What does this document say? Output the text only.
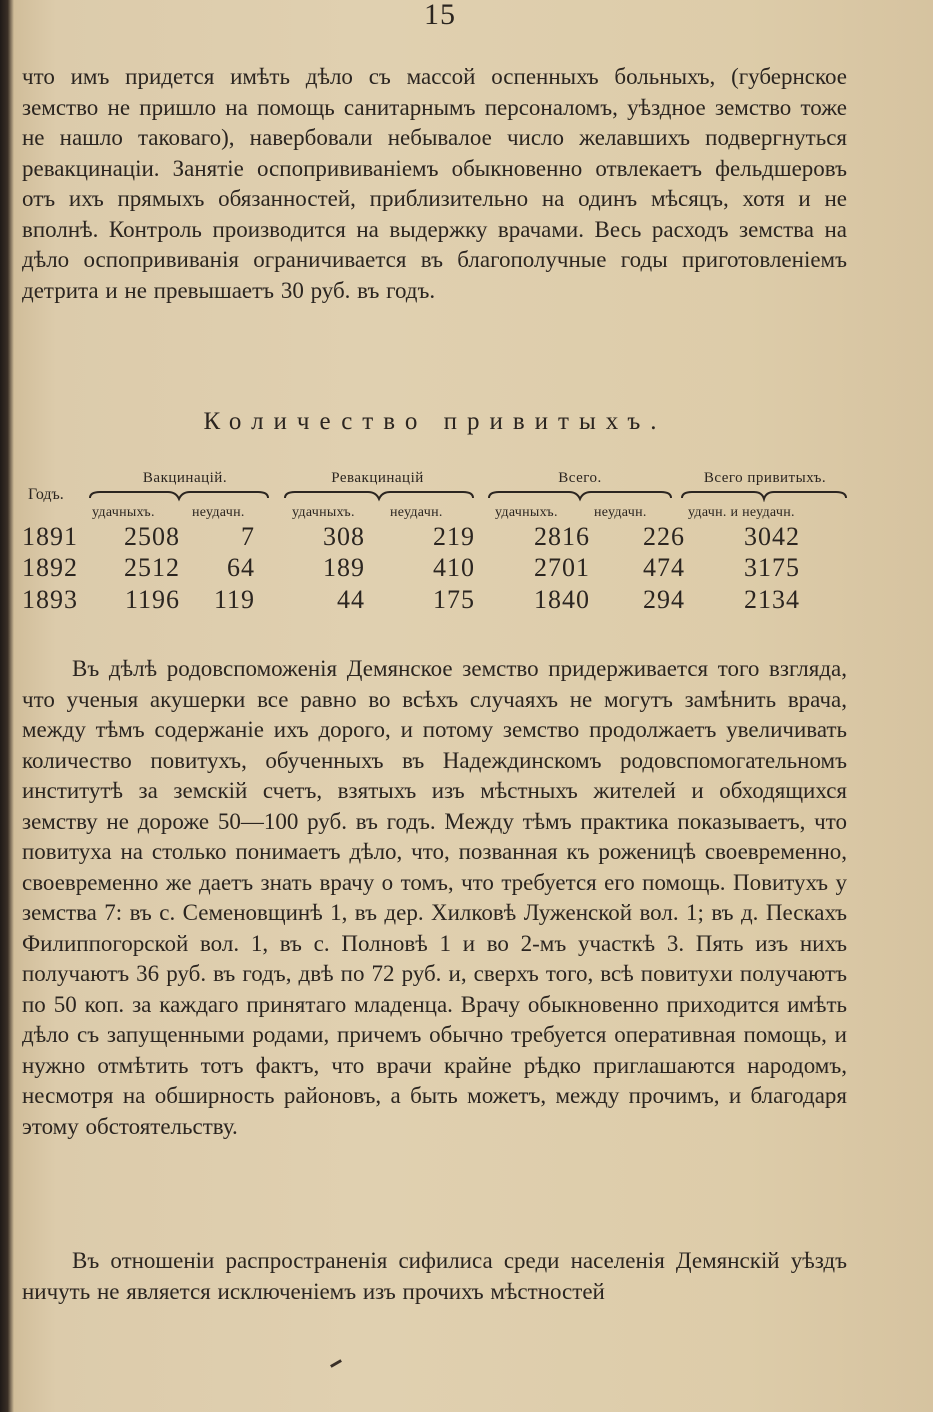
15

что имъ придется имѣть дѣло съ массой оспенныхъ больныхъ, (губернское земство не пришло на помощь санитарнымъ персоналомъ, уѣздное земство тоже не нашло таковаго), навербовали небывалое число желавшихъ подвергнуться ревакцинаціи. Занятіе оспопрививаніемъ обыкновенно отвлекаетъ фельдшеровъ отъ ихъ прямыхъ обязанностей, приблизительно на одинъ мѣсяцъ, хотя и не вполнѣ. Контроль производится на выдержку врачами. Весь расходъ земства на дѣло оспопрививанія ограничивается въ благополучные годы приготовленіемъ детрита и не превышаетъ 30 руб. въ годъ.

Количество привитыхъ.
Годъ.
Вакцинацій.	Ревакцинацій	Всего.	Всего привитыхъ.
удачныхъ.	неудачн.	удачныхъ.	неудачн.	удачныхъ.	неудачн.	удачн. и неудачн.
1891	2508	7	308	219	2816	226	3042
1892	2512	64	189	410	2701	474	3175
1893	1196	119	44	175	1840	294	2134

Въ дѣлѣ родовспоможенія Демянское земство придерживается того взгляда, что ученыя акушерки все равно во всѣхъ случаяхъ не могутъ замѣнить врача, между тѣмъ содержаніе ихъ дорого, и потому земство продолжаетъ увеличивать количество повитухъ, обученныхъ въ Надеждинскомъ родовспомогательномъ институтѣ за земскій счетъ, взятыхъ изъ мѣстныхъ жителей и обходящихся земству не дороже 50—100 руб. въ годъ. Между тѣмъ практика показываетъ, что повитуха на столько понимаетъ дѣло, что, позванная къ роженицѣ своевременно, своевременно же даетъ знать врачу о томъ, что требуется его помощь. Повитухъ у земства 7: въ с. Семеновщинѣ 1, въ дер. Хилковѣ Луженской вол. 1; въ д. Пескахъ Филиппогорской вол. 1, въ с. Полновѣ 1 и во 2-мъ участкѣ 3. Пять изъ нихъ получаютъ 36 руб. въ годъ, двѣ по 72 руб. и, сверхъ того, всѣ повитухи получаютъ по 50 коп. за каждаго принятаго младенца. Врачу обыкновенно приходится имѣть дѣло съ запущенными родами, причемъ обычно требуется оперативная помощь, и нужно отмѣтить тотъ фактъ, что врачи крайне рѣдко приглашаются народомъ, несмотря на обширность районовъ, а быть можетъ, между прочимъ, и благодаря этому обстоятельству.

Въ отношеніи распространенія сифилиса среди населенія Демянскій уѣздъ ничуть не является исключеніемъ изъ прочихъ мѣстностей
